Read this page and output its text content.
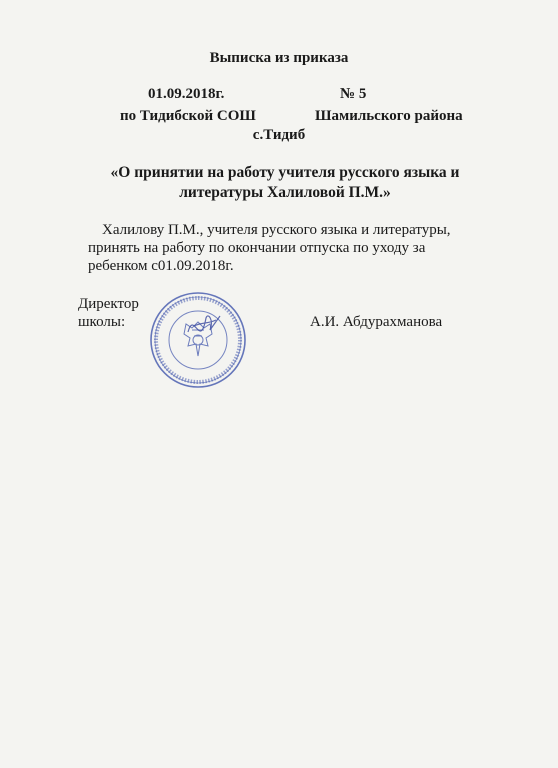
Выписка из приказа
01.09.2018г.	№ 5
по Тидибской СОШ	Шамильского района
с.Тидиб
«О принятии на работу учителя русского языка и
литературы Халиловой П.М.»

Халилову П.М., учителя русского языка и литературы,

принять на работу по окончании отпуска по уходу за

ребенком с01.09.2018г.

Директор
школы:	А.И. Абдурахманова
